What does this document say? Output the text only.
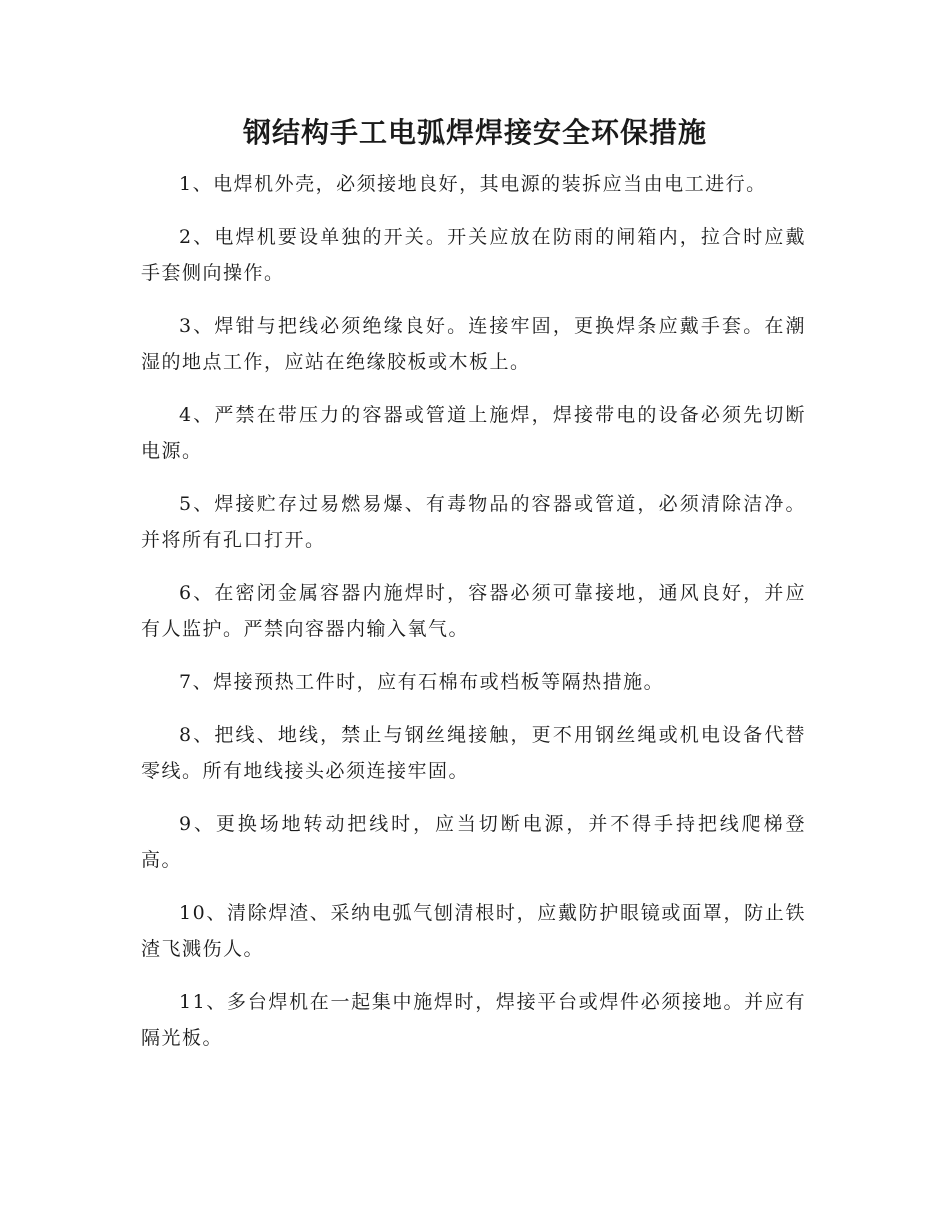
钢结构手工电弧焊焊接安全环保措施

1、电焊机外壳，必须接地良好，其电源的装拆应当由电工进行。

2、电焊机要设单独的开关。开关应放在防雨的闸箱内，拉合时应戴手套侧向操作。

3、焊钳与把线必须绝缘良好。连接牢固，更换焊条应戴手套。在潮湿的地点工作，应站在绝缘胶板或木板上。

4、严禁在带压力的容器或管道上施焊，焊接带电的设备必须先切断电源。

5、焊接贮存过易燃易爆、有毒物品的容器或管道，必须清除洁净。并将所有孔口打开。

6、在密闭金属容器内施焊时，容器必须可靠接地，通风良好，并应有人监护。严禁向容器内输入氧气。

7、焊接预热工件时，应有石棉布或档板等隔热措施。

8、把线、地线，禁止与钢丝绳接触，更不用钢丝绳或机电设备代替零线。所有地线接头必须连接牢固。

9、更换场地转动把线时，应当切断电源，并不得手持把线爬梯登高。

10、清除焊渣、采纳电弧气刨清根时，应戴防护眼镜或面罩，防止铁渣飞溅伤人。

11、多台焊机在一起集中施焊时，焊接平台或焊件必须接地。并应有隔光板。
